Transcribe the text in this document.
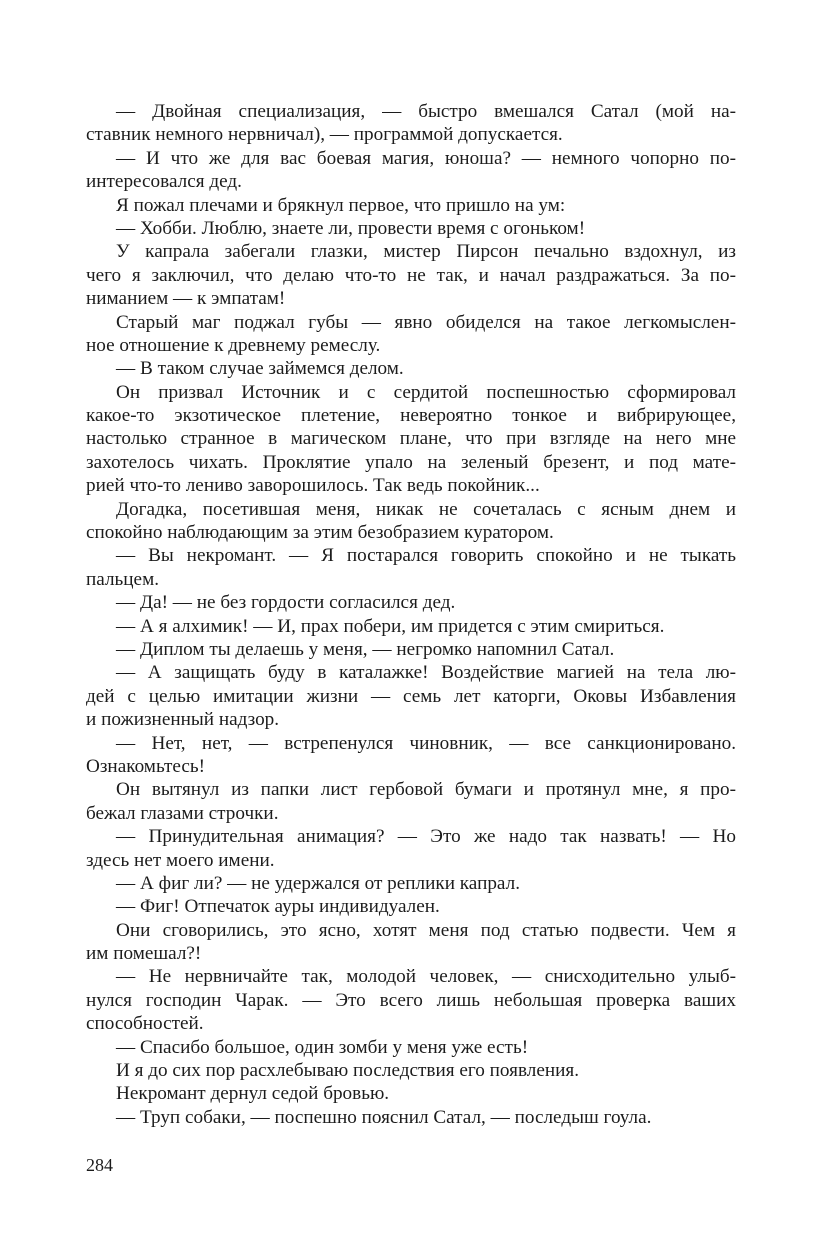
— Двойная специализация, — быстро вмешался Сатал (мой на-
ставник немного нервничал), — программой допускается.
— И что же для вас боевая магия, юноша? — немного чопорно по-
интересовался дед.
Я пожал плечами и брякнул первое, что пришло на ум:
— Хобби. Люблю, знаете ли, провести время с огоньком!
У капрала забегали глазки, мистер Пирсон печально вздохнул, из
чего я заключил, что делаю что-то не так, и начал раздражаться. За по-
ниманием — к эмпатам!
Старый маг поджал губы — явно обиделся на такое легкомыслен-
ное отношение к древнему ремеслу.
— В таком случае займемся делом.
Он призвал Источник и с сердитой поспешностью сформировал
какое-то экзотическое плетение, невероятно тонкое и вибрирующее,
настолько странное в магическом плане, что при взгляде на него мне
захотелось чихать. Проклятие упало на зеленый брезент, и под мате-
рией что-то лениво заворошилось. Так ведь покойник...
Догадка, посетившая меня, никак не сочеталась с ясным днем и
спокойно наблюдающим за этим безобразием куратором.
— Вы некромант. — Я постарался говорить спокойно и не тыкать
пальцем.
— Да! — не без гордости согласился дед.
— А я алхимик! — И, прах побери, им придется с этим смириться.
— Диплом ты делаешь у меня, — негромко напомнил Сатал.
— А защищать буду в каталажке! Воздействие магией на тела лю-
дей с целью имитации жизни — семь лет каторги, Оковы Избавления
и пожизненный надзор.
— Нет, нет, — встрепенулся чиновник, — все санкционировано.
Ознакомьтесь!
Он вытянул из папки лист гербовой бумаги и протянул мне, я про-
бежал глазами строчки.
— Принудительная анимация? — Это же надо так назвать! — Но
здесь нет моего имени.
— А фиг ли? — не удержался от реплики капрал.
— Фиг! Отпечаток ауры индивидуален.
Они сговорились, это ясно, хотят меня под статью подвести. Чем я
им помешал?!
— Не нервничайте так, молодой человек, — снисходительно улыб-
нулся господин Чарак. — Это всего лишь небольшая проверка ваших
способностей.
— Спасибо большое, один зомби у меня уже есть!
И я до сих пор расхлебываю последствия его появления.
Некромант дернул седой бровью.
— Труп собаки, — поспешно пояснил Сатал, — последыш гоула.
284
